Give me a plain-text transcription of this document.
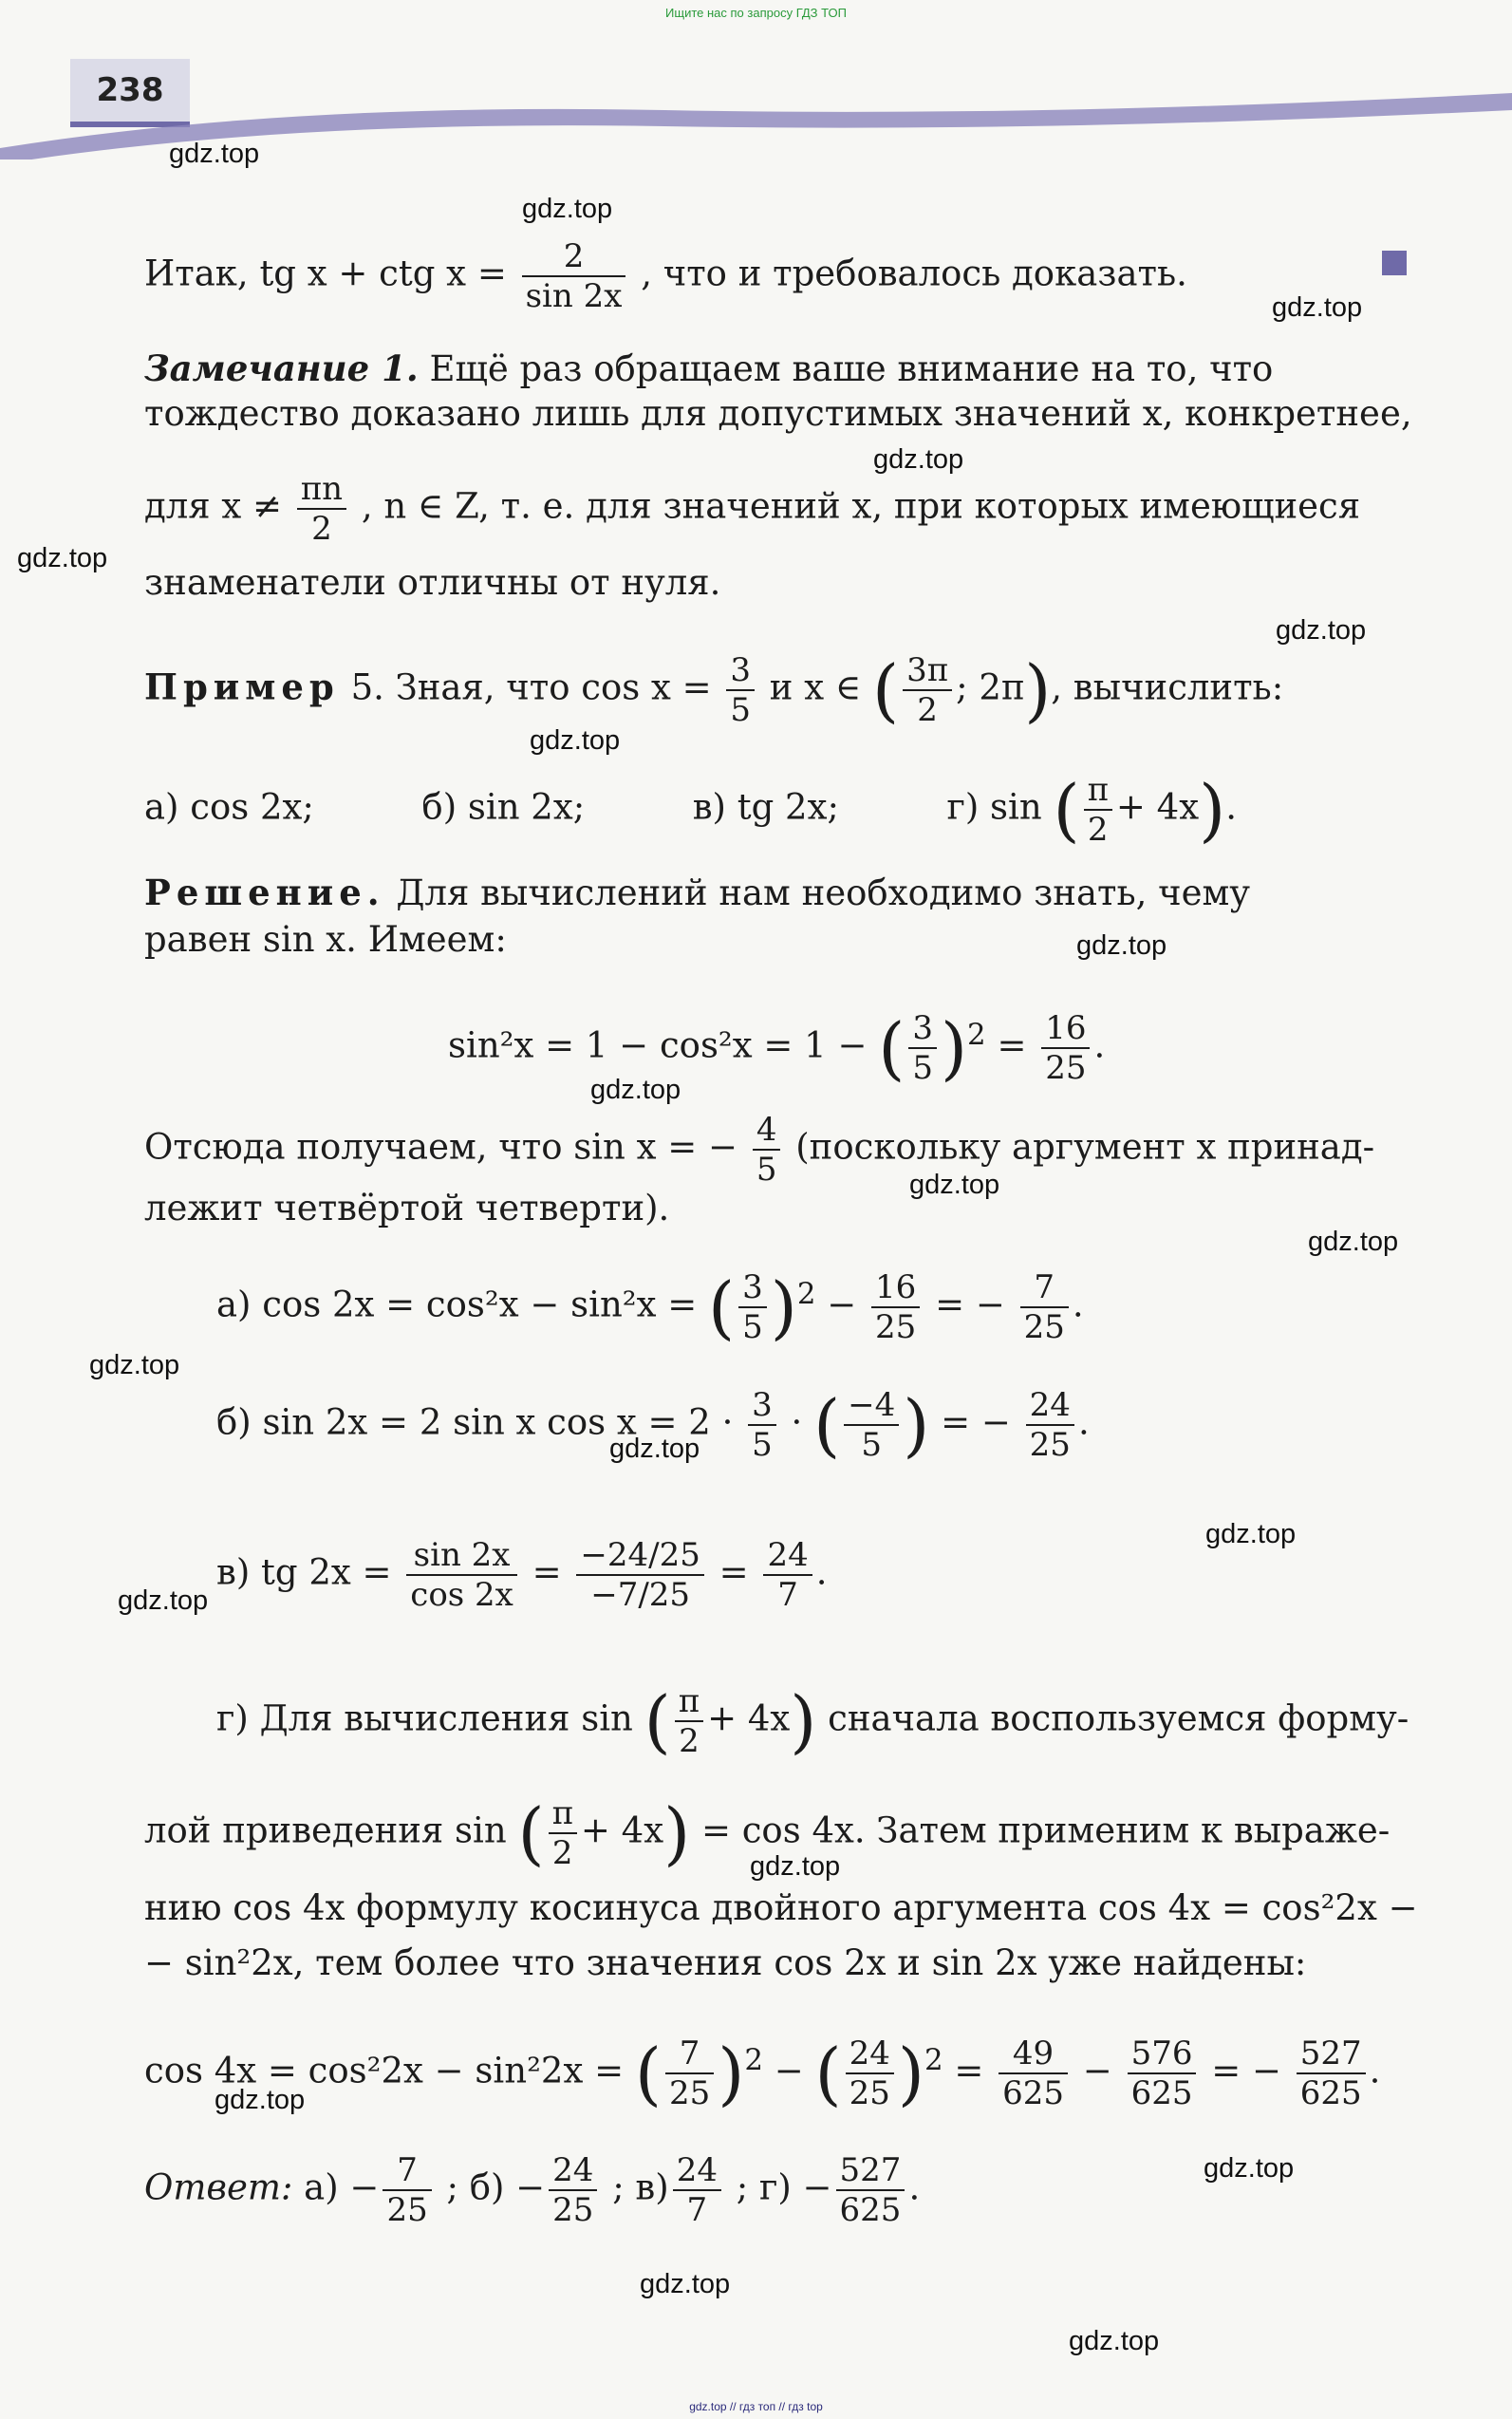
Ищите нас по запросу ГДЗ ТОП
238
Итак, tg x + ctg $x = \frac{2}{\sin 2x}$ , что и требовалось доказать.
Замечание 1. Ещё раз обращаем ваше внимание на то, что
тождество доказано лишь для допустимых значений x, конкретнее,
для $x \ne \frac{\pi n}{2}$ , n ∈ Z, т. е. для значений x, при которых имеющиеся
знаменатели отличны от нуля.
Пример 5. Зная, что $\cos x = \frac{3}{5}$ и x ∈ ( $\frac{3\pi}{2}$ ; 2π), вычислить:
а) cos 2x;	б) sin 2x;	в) tg 2x;	г) sin ( $\frac{\pi}{2} + 4x$).
Решение. Для вычислений нам необходимо знать, чему
равен sin x. Имеем:
sin²x = 1 − cos²x = 1 − ( $\frac{3}{5} )^2 = \frac{16}{25}$ .
Отсюда получаем, что sin x = − $\frac{4}{5}$ (поскольку аргумент x принад-
лежит четвёртой четверти).
а) cos 2x = cos²x − sin²x = ( $\frac{3}{5} )^2 - \frac{16}{25}$ = − $\frac{7}{25}$ .
б) sin 2x = 2 sin x $\cos x = 2 \cdot \frac{3}{5}$ · ( $\frac{-4}{5}$ ) = − $\frac{24}{25}$ .
в) tg $2x = \frac{\sin 2x}{\cos 2x} = \frac{-24/25}{-7/25} = \frac{24}{7}$ .
г) Для вычисления sin ( $\frac{\pi}{2} + 4x$) сначала воспользуемся форму-
лой приведения sin ( $\frac{\pi}{2} + 4x) = \cos 4x$. Затем применим к выраже-
нию cos 4x формулу косинуса двойного аргумента cos 4x = cos²2x −
− sin²2x, тем более что значения cos 2x и sin 2x уже найдены:
cos 4x = cos²2x − sin²2x = ( $\frac{7}{25} )^2$ − ( $\frac{24}{25} )^2 = \frac{49}{625} - \frac{576}{625}$ = − $\frac{527}{625}$ .
Ответ: $а) - \frac{7}{25}$ ; $б) - \frac{24}{25}$ ; $в) \frac{24}{7}$ ; $г) - \frac{527}{625}$ .
gdz.top
gdz.top
gdz.top
gdz.top
gdz.top
gdz.top
gdz.top
gdz.top
gdz.top
gdz.top
gdz.top
gdz.top
gdz.top
gdz.top
gdz.top
gdz.top
gdz.top
gdz.top
gdz.top
gdz.top
gdz.top // гдз топ // гдз top
